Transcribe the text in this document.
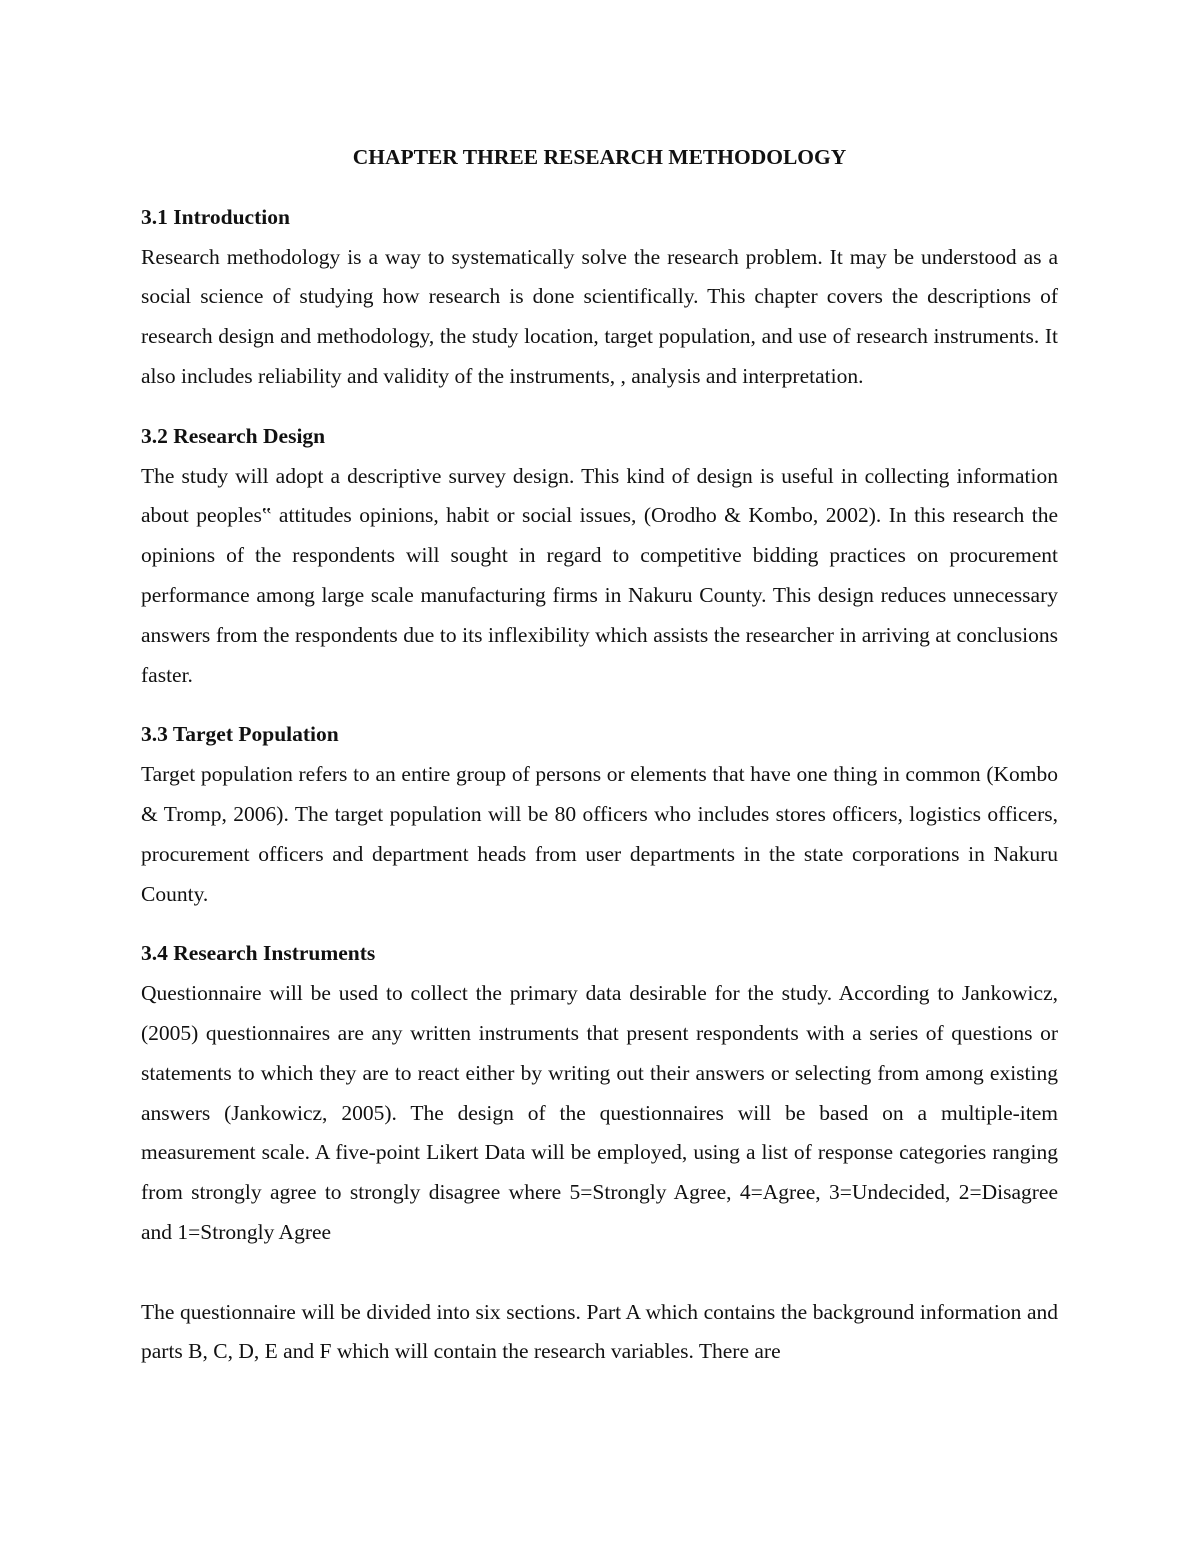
CHAPTER THREE RESEARCH METHODOLOGY

3.1 Introduction

Research methodology is a way to systematically solve the research problem. It may be understood as a social science of studying how research is done scientifically. This chapter covers the descriptions of research design and methodology, the study location, target population, and use of research instruments. It also includes reliability and validity of the instruments, , analysis and interpretation.

3.2 Research Design

The study will adopt a descriptive survey design. This kind of design is useful in collecting information about peoples‟ attitudes opinions, habit or social issues, (Orodho & Kombo, 2002). In this research the opinions of the respondents will sought in regard to competitive bidding practices on procurement performance among large scale manufacturing firms in Nakuru County. This design reduces unnecessary answers from the respondents due to its inflexibility which assists the researcher in arriving at conclusions faster.

3.3 Target Population

Target population refers to an entire group of persons or elements that have one thing in common (Kombo & Tromp, 2006). The target population will be 80 officers who includes stores officers, logistics officers, procurement officers and department heads from user departments in the state corporations in Nakuru County.

3.4 Research Instruments

Questionnaire will be used to collect the primary data desirable for the study. According to Jankowicz, (2005) questionnaires are any written instruments that present respondents with a series of questions or statements to which they are to react either by writing out their answers or selecting from among existing answers (Jankowicz, 2005). The design of the questionnaires will be based on a multiple-item measurement scale. A five-point Likert Data will be employed, using a list of response categories ranging from strongly agree to strongly disagree where 5=Strongly Agree, 4=Agree, 3=Undecided, 2=Disagree and 1=Strongly Agree

The questionnaire will be divided into six sections. Part A which contains the background information and parts B, C, D, E and F which will contain the research variables. There are
